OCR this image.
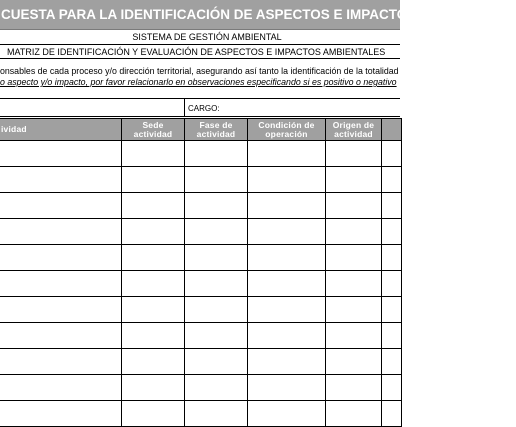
CUESTA PARA LA IDENTIFICACIÓN DE ASPECTOS E IMPACTOS AMBIENTALES
SISTEMA DE GESTIÓN AMBIENTAL
MATRIZ DE IDENTIFICACIÓN Y EVALUACIÓN DE ASPECTOS E IMPACTOS AMBIENTALES
onsables de cada proceso y/o dirección territorial, asegurando así tanto la identificación de la totalidad
o aspecto y/o impacto, por favor relacionarlo en observaciones especificando si es positivo o negativo
CARGO:
ividad	Sede actividad	Fase de actividad	Condición de operación	Origen de actividad	
